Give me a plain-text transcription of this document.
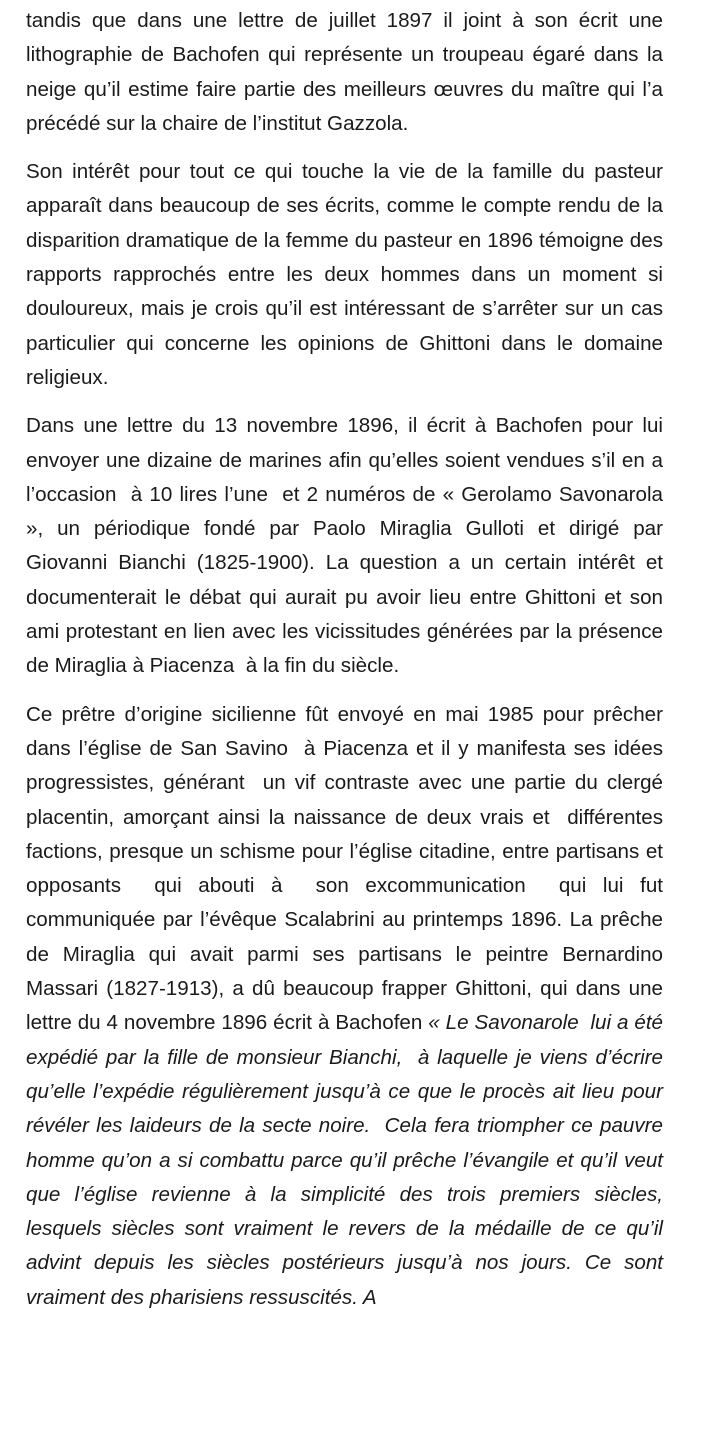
tandis que dans une lettre de juillet 1897 il joint à son écrit une lithographie de Bachofen qui représente un troupeau égaré dans la neige qu’il estime faire partie des meilleurs œuvres du maître qui l’a précédé sur la chaire de l’institut Gazzola.

Son intérêt pour tout ce qui touche la vie de la famille du pasteur apparaît dans beaucoup de ses écrits, comme le compte rendu de la disparition dramatique de la femme du pasteur en 1896 témoigne des rapports rapprochés entre les deux hommes dans un moment si douloureux, mais je crois qu’il est intéressant de s’arrêter sur un cas particulier qui concerne les opinions de Ghittoni dans le domaine religieux.

Dans une lettre du 13 novembre 1896, il écrit à Bachofen pour lui envoyer une dizaine de marines afin qu’elles soient vendues s’il en a l’occasion  à 10 lires l’une  et 2 numéros de « Gerolamo Savonarola », un périodique fondé par Paolo Miraglia Gulloti et dirigé par Giovanni Bianchi (1825-1900). La question a un certain intérêt et documenterait le débat qui aurait pu avoir lieu entre Ghittoni et son ami protestant en lien avec les vicissitudes générées par la présence de Miraglia à Piacenza  à la fin du siècle.

Ce prêtre d’origine sicilienne fût envoyé en mai 1985 pour prêcher dans l’église de San Savino  à Piacenza et il y manifesta ses idées progressistes, générant  un vif contraste avec une partie du clergé placentin, amorçant ainsi la naissance de deux vrais et  différentes factions, presque un schisme pour l’église citadine, entre partisans et opposants  qui abouti à  son excommunication  qui lui fut communiquée par l’évêque Scalabrini au printemps 1896. La prêche de Miraglia qui avait parmi ses partisans le peintre Bernardino Massari (1827-1913), a dû beaucoup frapper Ghittoni, qui dans une lettre du 4 novembre 1896 écrit à Bachofen « Le Savonarole  lui a été expédié par la fille de monsieur Bianchi,  à laquelle je viens d’écrire qu’elle l’expédie régulièrement jusqu’à ce que le procès ait lieu pour révéler les laideurs de la secte noire.  Cela fera triompher ce pauvre homme qu’on a si combattu parce qu’il prêche l’évangile et qu’il veut que l’église revienne à la simplicité des trois premiers siècles, lesquels siècles sont vraiment le revers de la médaille de ce qu’il advint depuis les siècles postérieurs jusqu’à nos jours. Ce sont vraiment des pharisiens ressuscités. A
